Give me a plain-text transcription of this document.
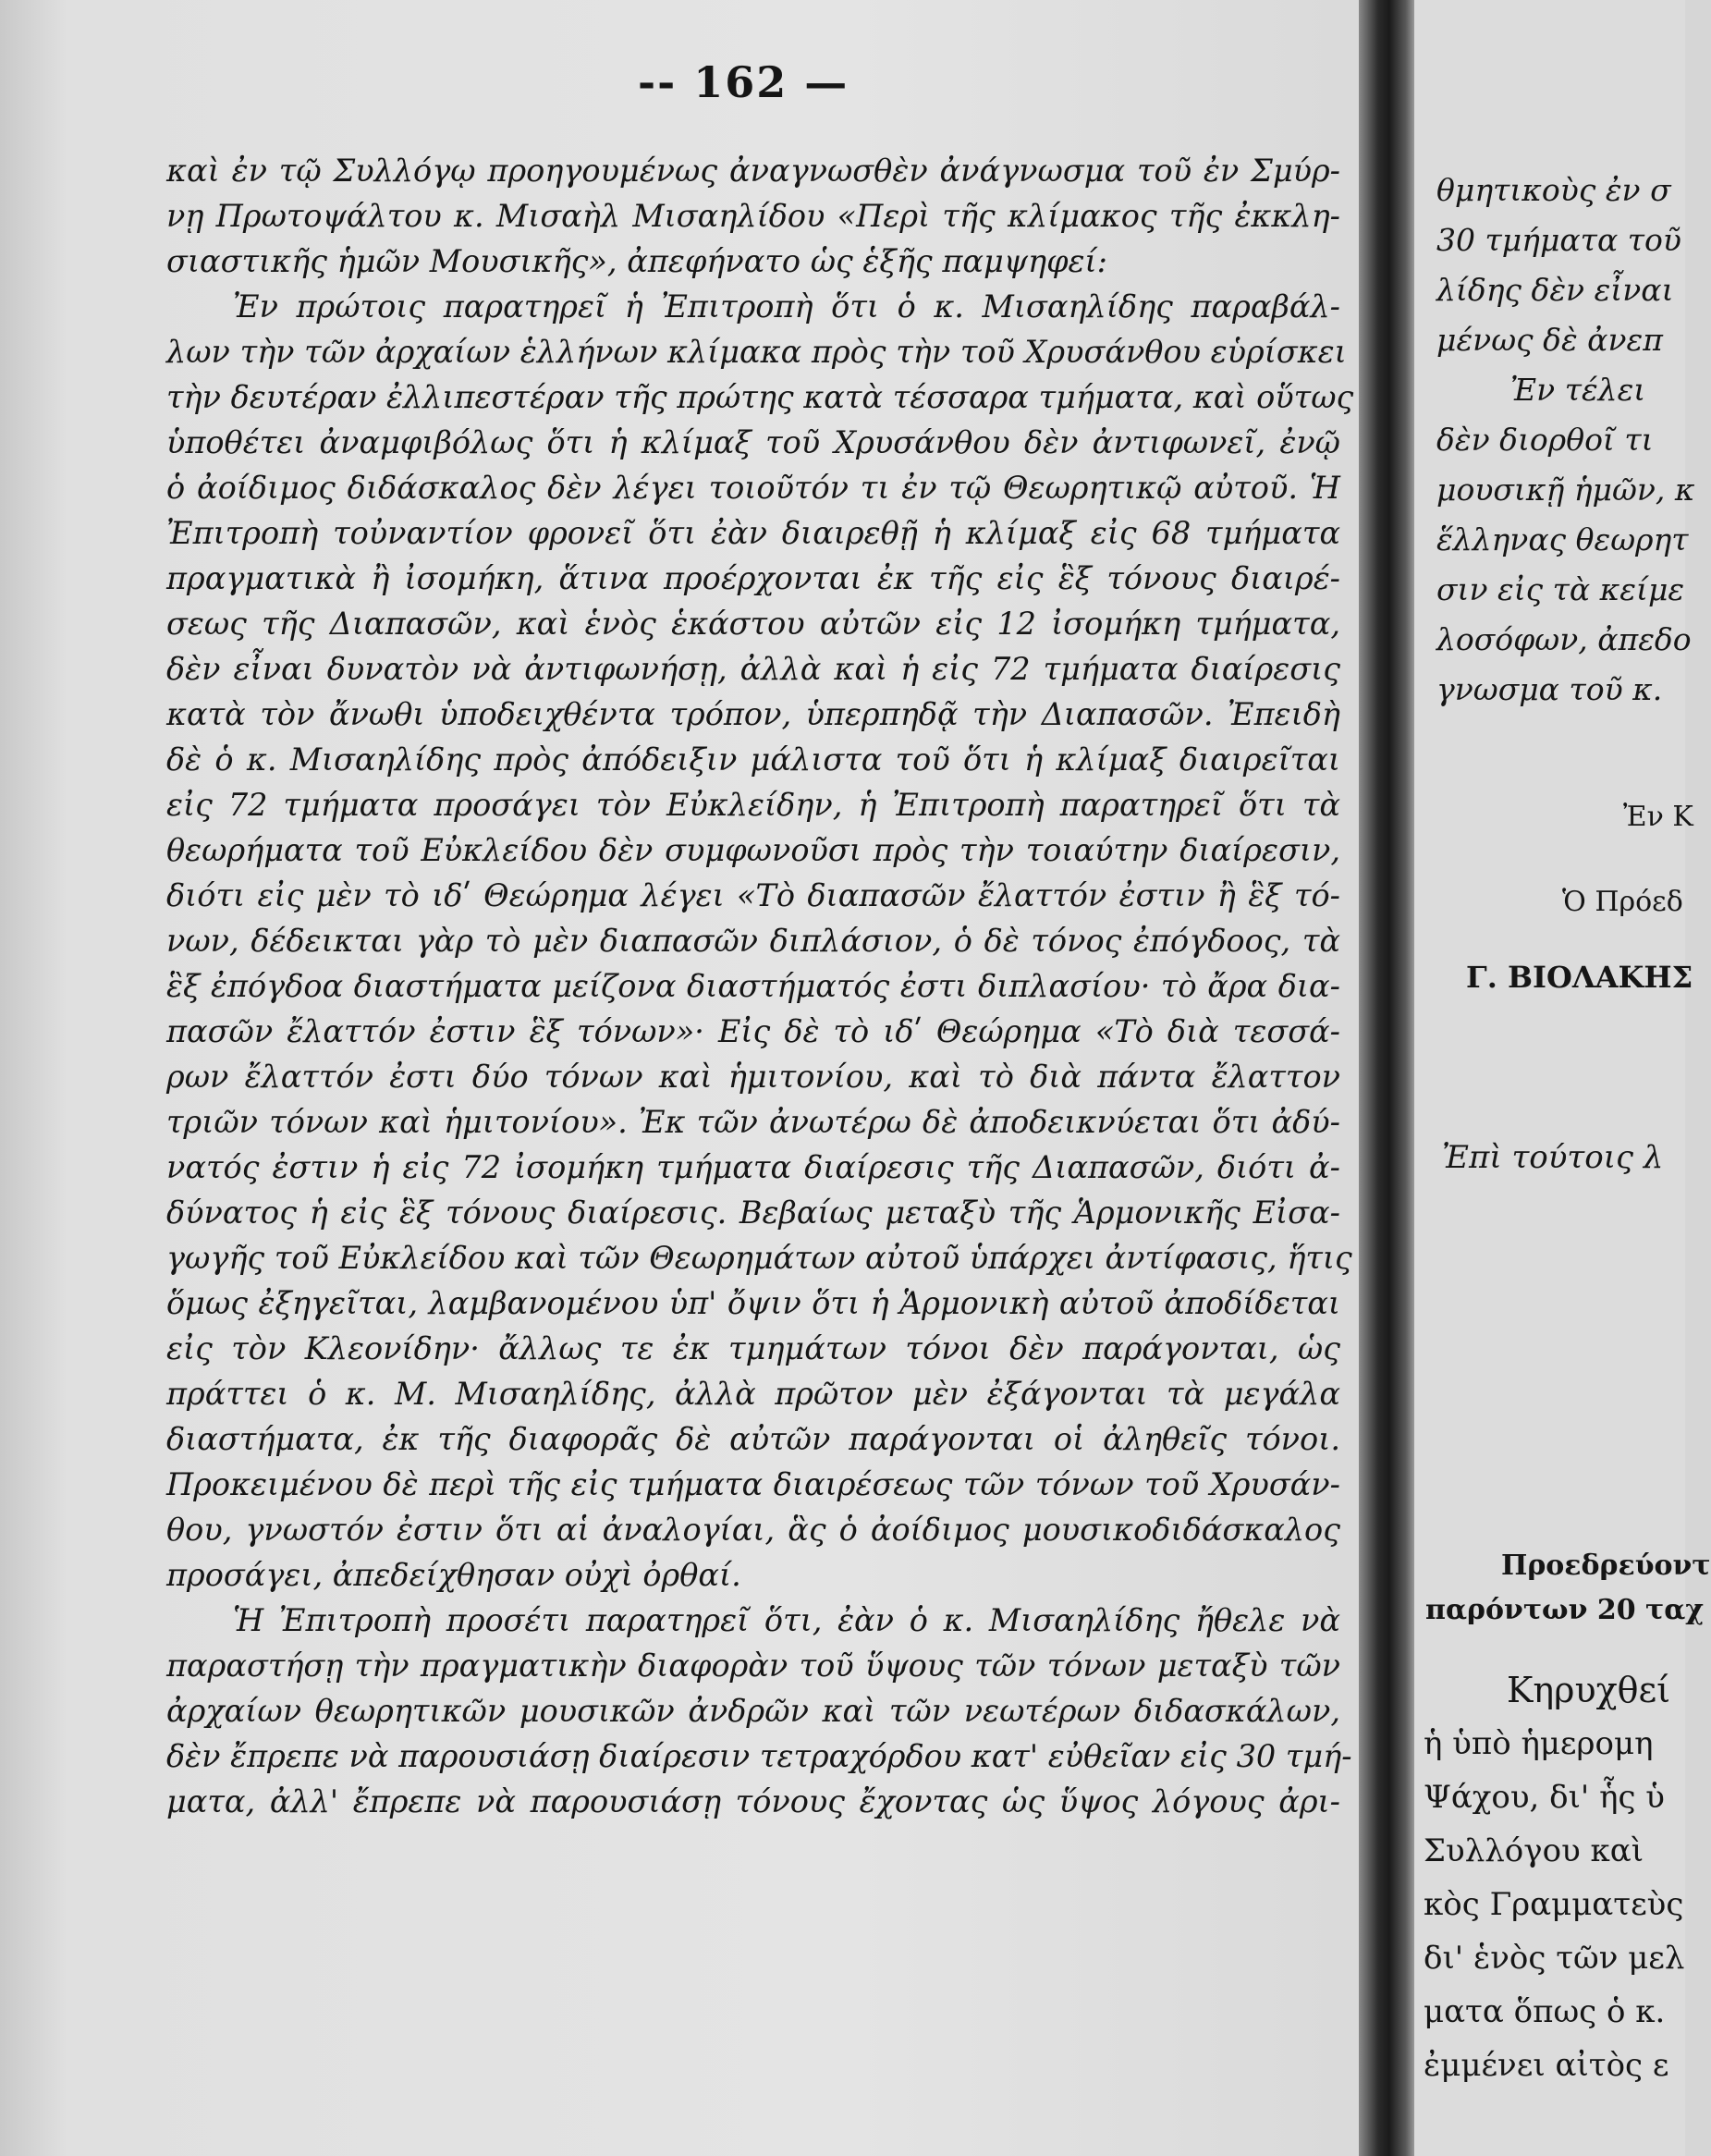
-- 162 —
καὶ ἐν τῷ Συλλόγῳ προηγουμένως ἀναγνωσθὲν ἀνάγνωσμα τοῦ ἐν Σμύρ-
νῃ Πρωτοψάλτου κ. Μισαὴλ Μισαηλίδου «Περὶ τῆς κλίμακος τῆς ἐκκλη-
σιαστικῆς ἡμῶν Μουσικῆς», ἀπεφήνατο ὡς ἑξῆς παμψηφεί:
Ἐν πρώτοις παρατηρεῖ ἡ Ἐπιτροπὴ ὅτι ὁ κ. Μισαηλίδης παραβάλ-
λων τὴν τῶν ἀρχαίων ἑλλήνων κλίμακα πρὸς τὴν τοῦ Χρυσάνθου εὑρίσκει
τὴν δευτέραν ἐλλιπεστέραν τῆς πρώτης κατὰ τέσσαρα τμήματα, καὶ οὕτως
ὑποθέτει ἀναμφιβόλως ὅτι ἡ κλίμαξ τοῦ Χρυσάνθου δὲν ἀντιφωνεῖ, ἐνῷ
ὁ ἀοίδιμος διδάσκαλος δὲν λέγει τοιοῦτόν τι ἐν τῷ Θεωρητικῷ αὐτοῦ. Ἡ
Ἐπιτροπὴ τοὐναντίον φρονεῖ ὅτι ἐὰν διαιρεθῇ ἡ κλίμαξ εἰς 68 τμήματα
πραγματικὰ ἢ ἰσομήκη, ἅτινα προέρχονται ἐκ τῆς εἰς ἓξ τόνους διαιρέ-
σεως τῆς Διαπασῶν, καὶ ἑνὸς ἑκάστου αὐτῶν εἰς 12 ἰσομήκη τμήματα,
δὲν εἶναι δυνατὸν νὰ ἀντιφωνήσῃ, ἀλλὰ καὶ ἡ εἰς 72 τμήματα διαίρεσις
κατὰ τὸν ἄνωθι ὑποδειχθέντα τρόπον, ὑπερπηδᾷ τὴν Διαπασῶν. Ἐπειδὴ
δὲ ὁ κ. Μισαηλίδης πρὸς ἀπόδειξιν μάλιστα τοῦ ὅτι ἡ κλίμαξ διαιρεῖται
εἰς 72 τμήματα προσάγει τὸν Εὐκλείδην, ἡ Ἐπιτροπὴ παρατηρεῖ ὅτι τὰ
θεωρήματα τοῦ Εὐκλείδου δὲν συμφωνοῦσι πρὸς τὴν τοιαύτην διαίρεσιν,
διότι εἰς μὲν τὸ ιδʹ Θεώρημα λέγει «Τὸ διαπασῶν ἔλαττόν ἐστιν ἢ ἓξ τό-
νων, δέδεικται γὰρ τὸ μὲν διαπασῶν διπλάσιον, ὁ δὲ τόνος ἐπόγδοος, τὰ
ἓξ ἐπόγδοα διαστήματα μείζονα διαστήματός ἐστι διπλασίου· τὸ ἄρα δια-
πασῶν ἔλαττόν ἐστιν ἓξ τόνων»· Εἰς δὲ τὸ ιδʹ Θεώρημα «Τὸ διὰ τεσσά-
ρων ἔλαττόν ἐστι δύο τόνων καὶ ἡμιτονίου, καὶ τὸ διὰ πάντα ἔλαττον
τριῶν τόνων καὶ ἡμιτονίου». Ἐκ τῶν ἀνωτέρω δὲ ἀποδεικνύεται ὅτι ἀδύ-
νατός ἐστιν ἡ εἰς 72 ἰσομήκη τμήματα διαίρεσις τῆς Διαπασῶν, διότι ἀ-
δύνατος ἡ εἰς ἓξ τόνους διαίρεσις. Βεβαίως μεταξὺ τῆς Ἁρμονικῆς Εἰσα-
γωγῆς τοῦ Εὐκλείδου καὶ τῶν Θεωρημάτων αὐτοῦ ὑπάρχει ἀντίφασις, ἥτις
ὅμως ἐξηγεῖται, λαμβανομένου ὑπ' ὄψιν ὅτι ἡ Ἁρμονικὴ αὐτοῦ ἀποδίδεται
εἰς τὸν Κλεονίδην· ἄλλως τε ἐκ τμημάτων τόνοι δὲν παράγονται, ὡς
πράττει ὁ κ. Μ. Μισαηλίδης, ἀλλὰ πρῶτον μὲν ἐξάγονται τὰ μεγάλα
διαστήματα, ἐκ τῆς διαφορᾶς δὲ αὐτῶν παράγονται οἱ ἀληθεῖς τόνοι.
Προκειμένου δὲ περὶ τῆς εἰς τμήματα διαιρέσεως τῶν τόνων τοῦ Χρυσάν-
θου, γνωστόν ἐστιν ὅτι αἱ ἀναλογίαι, ἃς ὁ ἀοίδιμος μουσικοδιδάσκαλος
προσάγει, ἀπεδείχθησαν οὐχὶ ὀρθαί.
Ἡ Ἐπιτροπὴ προσέτι παρατηρεῖ ὅτι, ἐὰν ὁ κ. Μισαηλίδης ἤθελε νὰ
παραστήσῃ τὴν πραγματικὴν διαφορὰν τοῦ ὕψους τῶν τόνων μεταξὺ τῶν
ἀρχαίων θεωρητικῶν μουσικῶν ἀνδρῶν καὶ τῶν νεωτέρων διδασκάλων,
δὲν ἔπρεπε νὰ παρουσιάσῃ διαίρεσιν τετραχόρδου κατ' εὐθεῖαν εἰς 30 τμή-
ματα, ἀλλ' ἔπρεπε νὰ παρουσιάσῃ τόνους ἔχοντας ὡς ὕψος λόγους ἀρι-
θμητικοὺς ἐν σ
30 τμήματα τοῦ
λίδης δὲν εἶναι
μένως δὲ ἀνεπ
Ἐν τέλει
δὲν διορθοῖ τι
μουσικῇ ἡμῶν, κ
ἕλληνας θεωρητ
σιν εἰς τὰ κείμε
λοσόφων, ἀπεδο
γνωσμα τοῦ κ.
Ἐν Κ
Ὁ Πρόεδ
Γ. ΒΙΟΛΑΚΗΣ
Ἐπὶ τούτοις λ
Προεδρεύοντ
παρόντων 20 ταχ
Κηρυχθεί
ἡ ὑπὸ ἡμερομη
Ψάχου, δι' ἧς ὑ
Συλλόγου καὶ
κὸς Γραμματεὺς
δι' ἑνὸς τῶν μελ
ματα ὅπως ὁ κ.
ἐμμένει αἰτὸς ε
